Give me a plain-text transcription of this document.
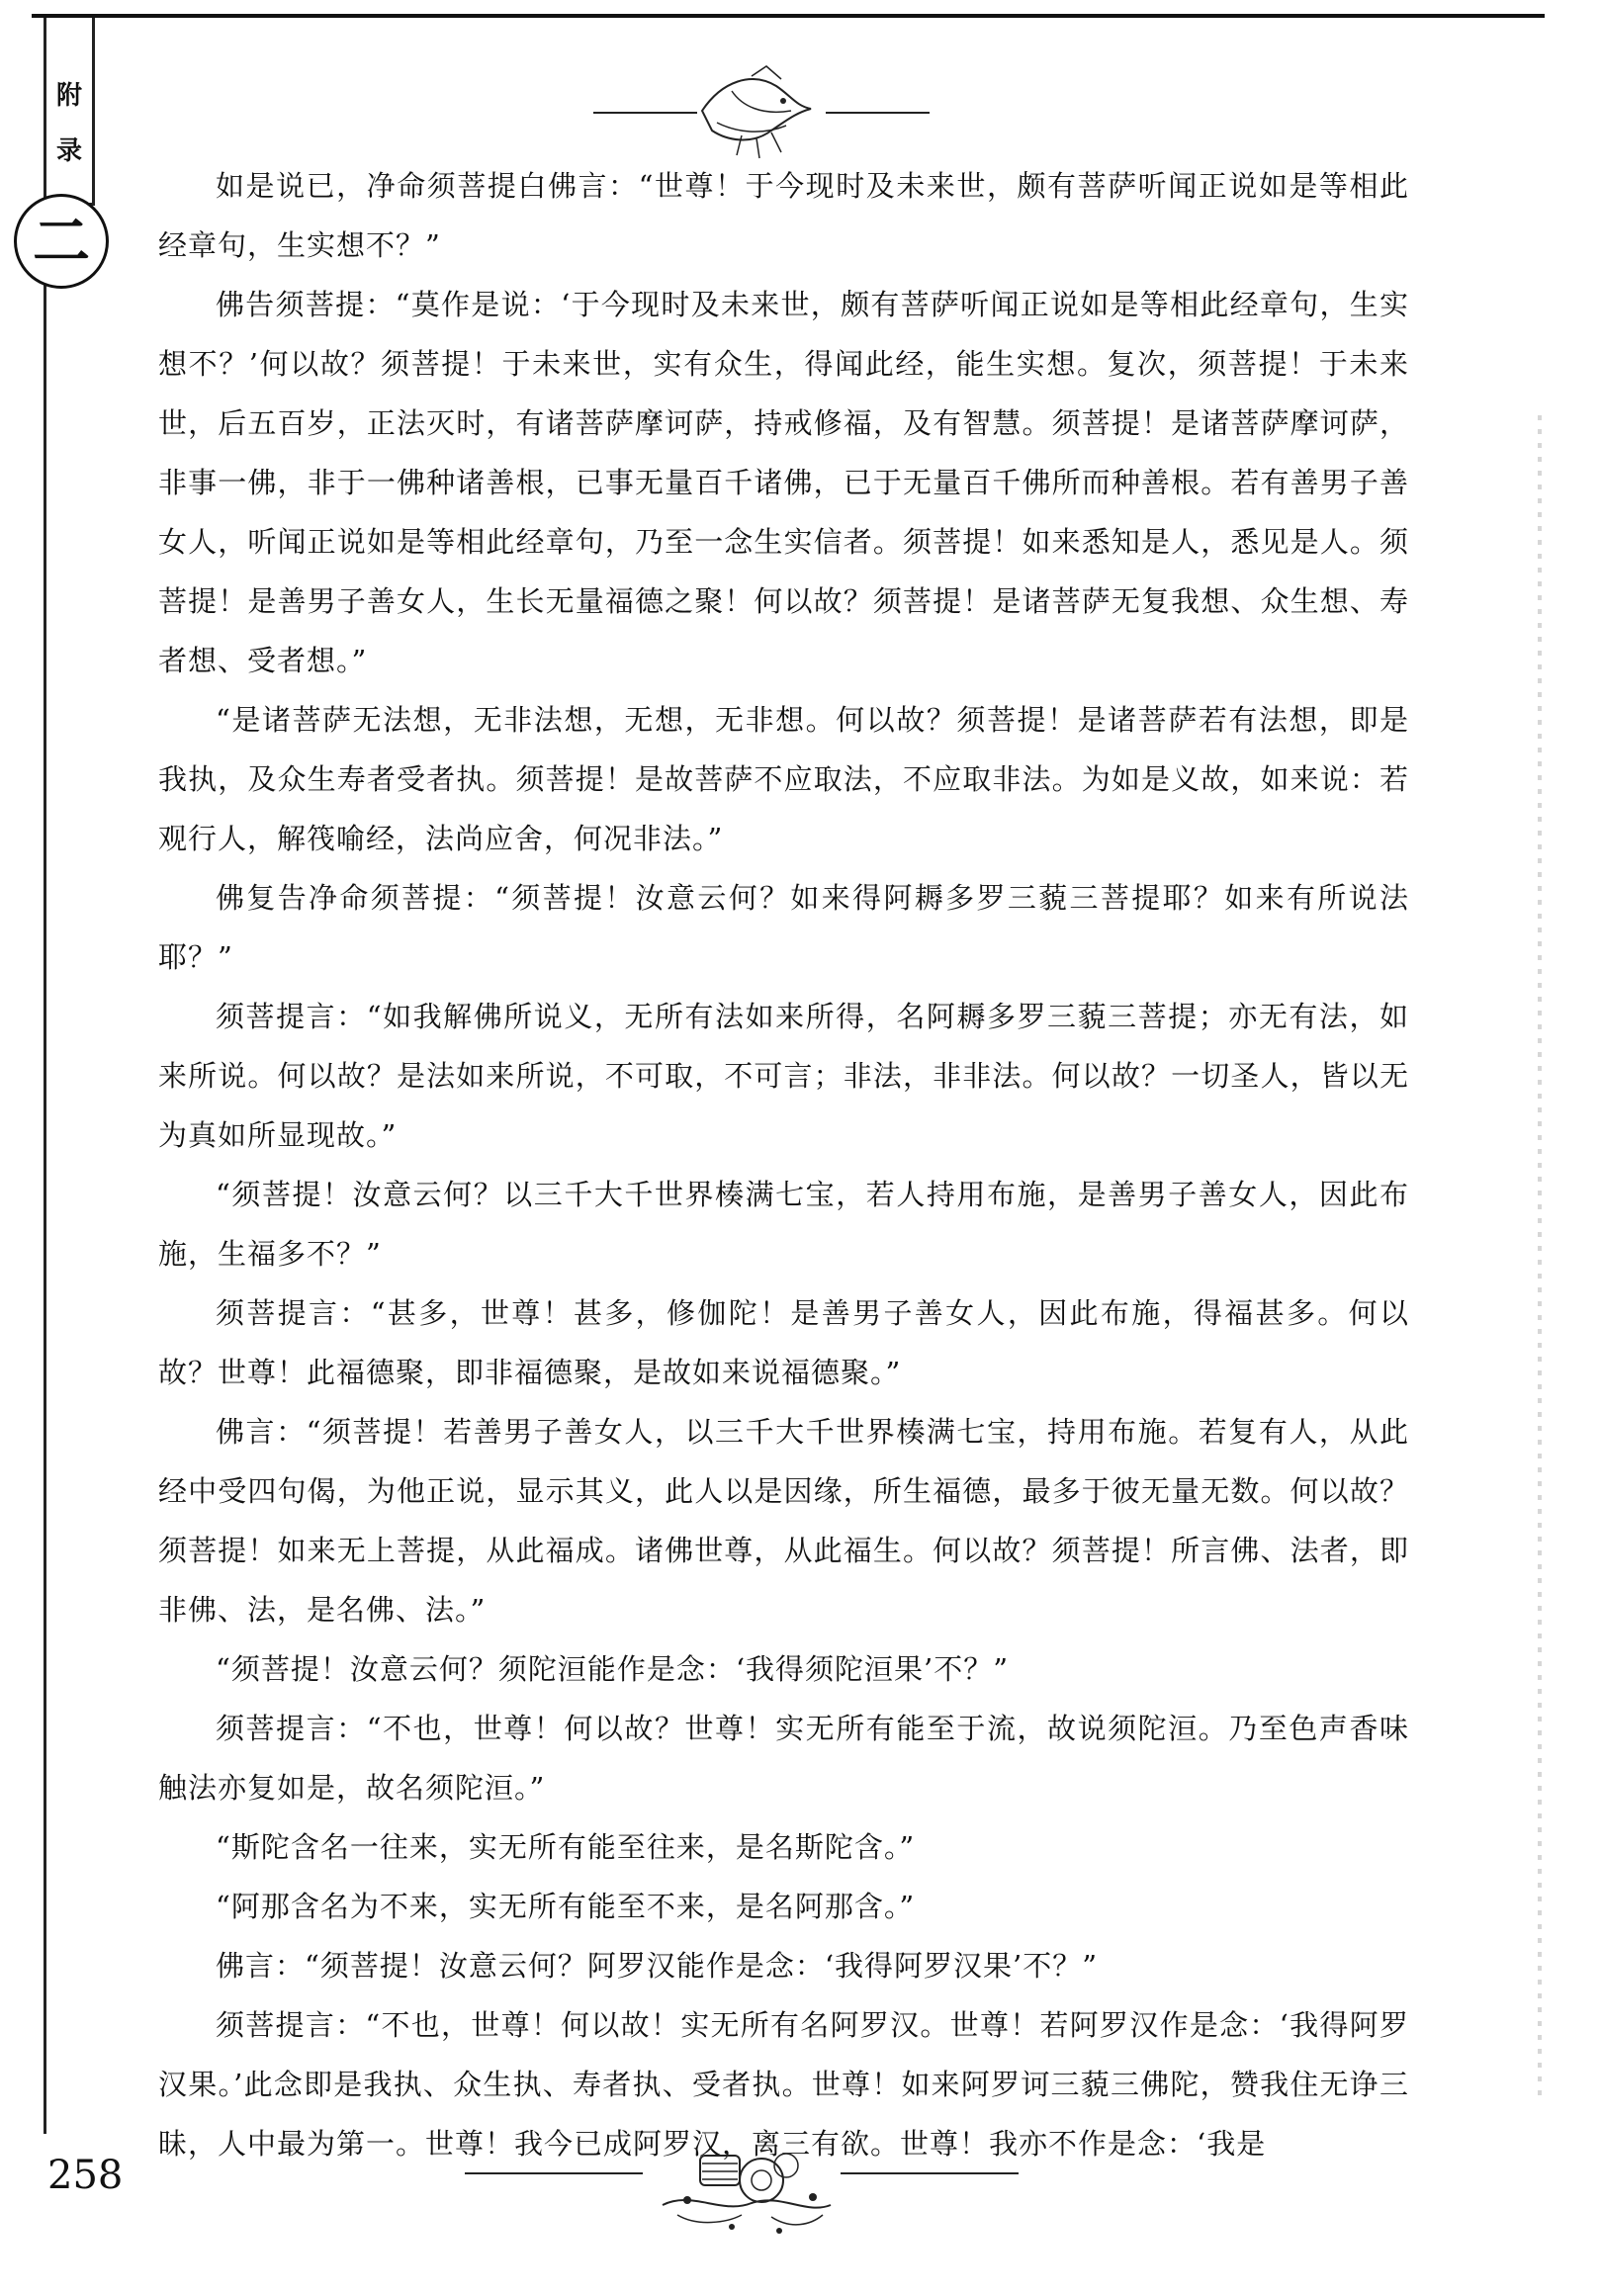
附
录
二

如是说已，净命须菩提白佛言：“世尊！于今现时及未来世，颇有菩萨听闻正说如是等相此经章句，生实想不？”

佛告须菩提：“莫作是说：‘于今现时及未来世，颇有菩萨听闻正说如是等相此经章句，生实想不？’何以故？须菩提！于未来世，实有众生，得闻此经，能生实想。复次，须菩提！于未来世，后五百岁，正法灭时，有诸菩萨摩诃萨，持戒修福，及有智慧。须菩提！是诸菩萨摩诃萨，非事一佛，非于一佛种诸善根，已事无量百千诸佛，已于无量百千佛所而种善根。若有善男子善女人，听闻正说如是等相此经章句，乃至一念生实信者。须菩提！如来悉知是人，悉见是人。须菩提！是善男子善女人，生长无量福德之聚！何以故？须菩提！是诸菩萨无复我想、众生想、寿者想、受者想。”

“是诸菩萨无法想，无非法想，无想，无非想。何以故？须菩提！是诸菩萨若有法想，即是我执，及众生寿者受者执。须菩提！是故菩萨不应取法，不应取非法。为如是义故，如来说：若观行人，解筏喻经，法尚应舍，何况非法。”

佛复告净命须菩提：“须菩提！汝意云何？如来得阿耨多罗三藐三菩提耶？如来有所说法耶？”

须菩提言：“如我解佛所说义，无所有法如来所得，名阿耨多罗三藐三菩提；亦无有法，如来所说。何以故？是法如来所说，不可取，不可言；非法，非非法。何以故？一切圣人，皆以无为真如所显现故。”

“须菩提！汝意云何？以三千大千世界楱满七宝，若人持用布施，是善男子善女人，因此布施，生福多不？”

须菩提言：“甚多，世尊！甚多，修伽陀！是善男子善女人，因此布施，得福甚多。何以故？世尊！此福德聚，即非福德聚，是故如来说福德聚。”

佛言：“须菩提！若善男子善女人，以三千大千世界楱满七宝，持用布施。若复有人，从此经中受四句偈，为他正说，显示其义，此人以是因缘，所生福德，最多于彼无量无数。何以故？须菩提！如来无上菩提，从此福成。诸佛世尊，从此福生。何以故？须菩提！所言佛、法者，即非佛、法，是名佛、法。”

“须菩提！汝意云何？须陀洹能作是念：‘我得须陀洹果’不？”

须菩提言：“不也，世尊！何以故？世尊！实无所有能至于流，故说须陀洹。乃至色声香味触法亦复如是，故名须陀洹。”

“斯陀含名一往来，实无所有能至往来，是名斯陀含。”

“阿那含名为不来，实无所有能至不来，是名阿那含。”

佛言：“须菩提！汝意云何？阿罗汉能作是念：‘我得阿罗汉果’不？”

须菩提言：“不也，世尊！何以故！实无所有名阿罗汉。世尊！若阿罗汉作是念：‘我得阿罗汉果。’此念即是我执、众生执、寿者执、受者执。世尊！如来阿罗诃三藐三佛陀，赞我住无诤三昧，人中最为第一。世尊！我今已成阿罗汉，离三有欲。世尊！我亦不作是念：‘我是

258
